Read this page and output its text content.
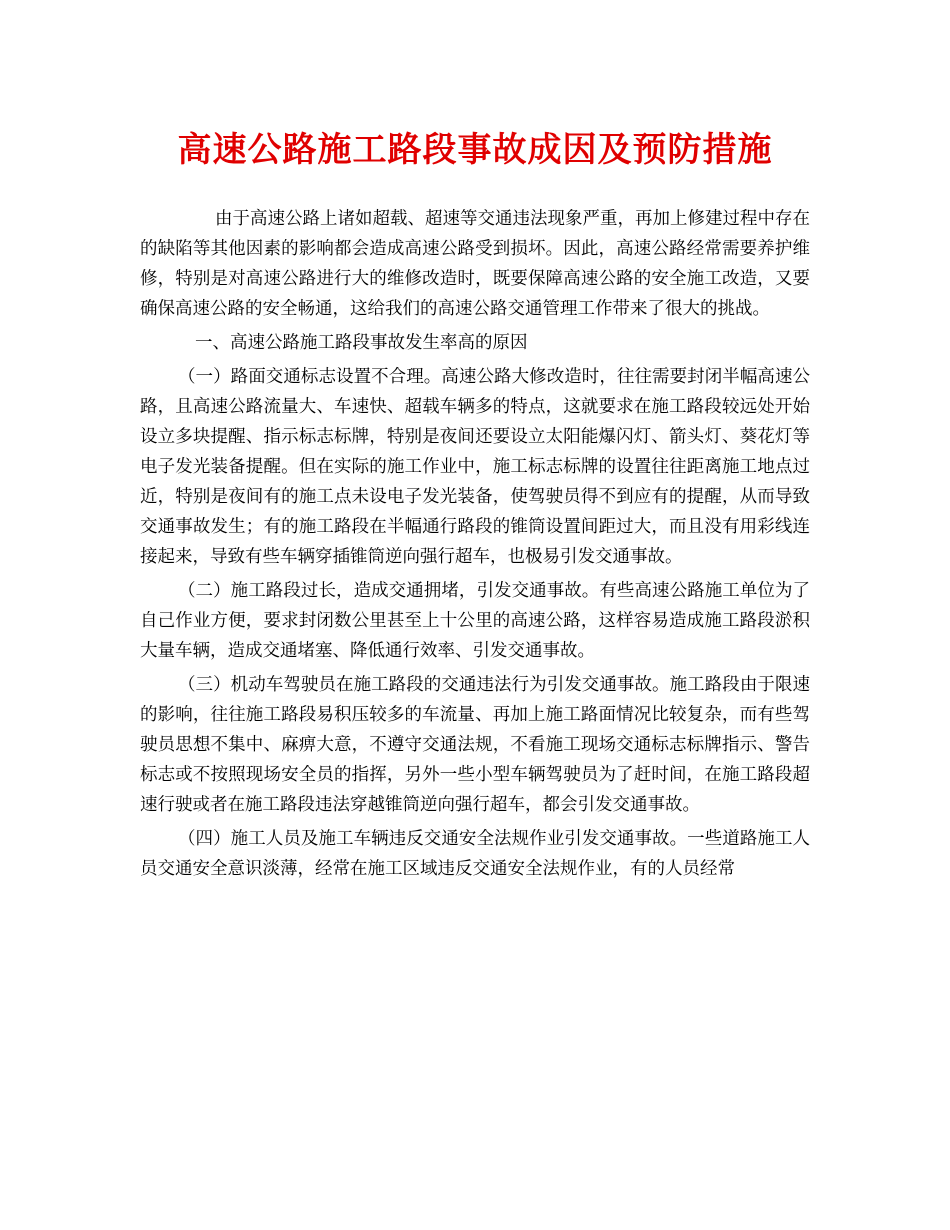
高速公路施工路段事故成因及预防措施

由于高速公路上诸如超载、超速等交通违法现象严重，再加上修建过程中存在的缺陷等其他因素的影响都会造成高速公路受到损坏。因此，高速公路经常需要养护维修，特别是对高速公路进行大的维修改造时，既要保障高速公路的安全施工改造，又要确保高速公路的安全畅通，这给我们的高速公路交通管理工作带来了很大的挑战。

一、高速公路施工路段事故发生率高的原因

（一）路面交通标志设置不合理。高速公路大修改造时，往往需要封闭半幅高速公路，且高速公路流量大、车速快、超载车辆多的特点，这就要求在施工路段较远处开始设立多块提醒、指示标志标牌，特别是夜间还要设立太阳能爆闪灯、箭头灯、葵花灯等电子发光装备提醒。但在实际的施工作业中，施工标志标牌的设置往往距离施工地点过近，特别是夜间有的施工点未设电子发光装备，使驾驶员得不到应有的提醒，从而导致交通事故发生；有的施工路段在半幅通行路段的锥筒设置间距过大，而且没有用彩线连接起来，导致有些车辆穿插锥筒逆向强行超车，也极易引发交通事故。

（二）施工路段过长，造成交通拥堵，引发交通事故。有些高速公路施工单位为了自己作业方便，要求封闭数公里甚至上十公里的高速公路，这样容易造成施工路段淤积大量车辆，造成交通堵塞、降低通行效率、引发交通事故。

（三）机动车驾驶员在施工路段的交通违法行为引发交通事故。施工路段由于限速的影响，往往施工路段易积压较多的车流量、再加上施工路面情况比较复杂，而有些驾驶员思想不集中、麻痹大意，不遵守交通法规，不看施工现场交通标志标牌指示、警告标志或不按照现场安全员的指挥，另外一些小型车辆驾驶员为了赶时间，在施工路段超速行驶或者在施工路段违法穿越锥筒逆向强行超车，都会引发交通事故。

（四）施工人员及施工车辆违反交通安全法规作业引发交通事故。一些道路施工人员交通安全意识淡薄，经常在施工区域违反交通安全法规作业，有的人员经常
